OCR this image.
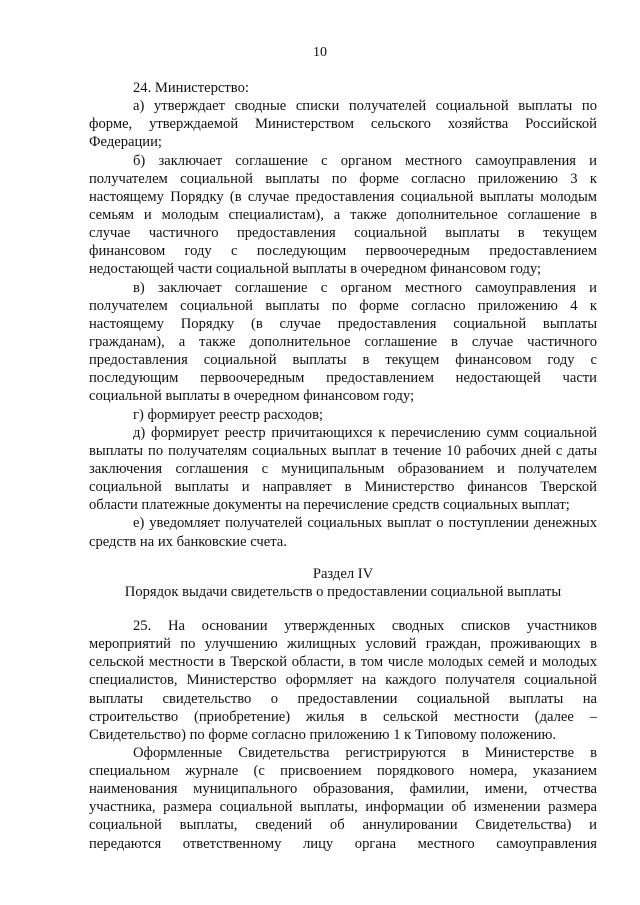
10
24. Министерство:
а) утверждает сводные списки получателей социальной выплаты по
форме, утверждаемой Министерством сельского хозяйства Российской
Федерации;
б) заключает соглашение с органом местного самоуправления и
получателем социальной выплаты по форме согласно приложению 3 к
настоящему Порядку (в случае предоставления социальной выплаты молодым
семьям и молодым специалистам), а также дополнительное соглашение в
случае частичного предоставления социальной выплаты в текущем
финансовом году с последующим первоочередным предоставлением
недостающей части социальной выплаты в очередном финансовом году;
в) заключает соглашение с органом местного самоуправления и
получателем социальной выплаты по форме согласно приложению 4 к
настоящему Порядку (в случае предоставления социальной выплаты
гражданам), а также дополнительное соглашение в случае частичного
предоставления социальной выплаты в текущем финансовом году с
последующим первоочередным предоставлением недостающей части
социальной выплаты в очередном финансовом году;
г) формирует реестр расходов;
д) формирует реестр причитающихся к перечислению сумм социальной
выплаты по получателям социальных выплат в течение 10 рабочих дней с даты
заключения соглашения с муниципальным образованием и получателем
социальной выплаты и направляет в Министерство финансов Тверской
области платежные документы на перечисление средств социальных выплат;
е) уведомляет получателей социальных выплат о поступлении денежных
средств на их банковские счета.
Раздел IV
Порядок выдачи свидетельств о предоставлении социальной выплаты
25. На основании утвержденных сводных списков участников
мероприятий по улучшению жилищных условий граждан, проживающих в
сельской местности в Тверской области, в том числе молодых семей и молодых
специалистов, Министерство оформляет на каждого получателя социальной
выплаты свидетельство о предоставлении социальной выплаты на
строительство (приобретение) жилья в сельской местности (далее –
Свидетельство) по форме согласно приложению 1 к Типовому положению.
Оформленные Свидетельства регистрируются в Министерстве в
специальном журнале (с присвоением порядкового номера, указанием
наименования муниципального образования, фамилии, имени, отчества
участника, размера социальной выплаты, информации об изменении размера
социальной выплаты, сведений об аннулировании Свидетельства) и
передаются ответственному лицу органа местного самоуправления
